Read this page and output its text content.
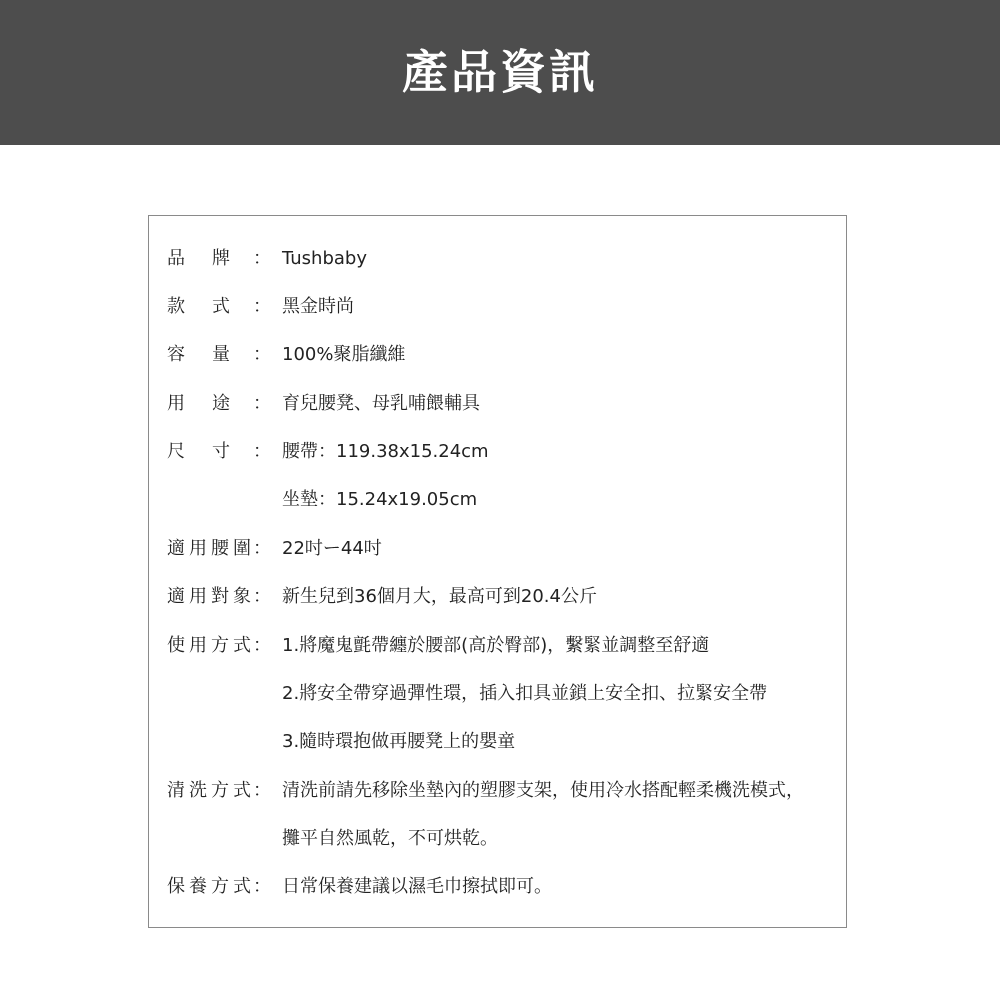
產品資訊
品 牌 ： Tushbaby
款 式 ： 黑金時尚
容 量 ： 100%聚脂纖維
用 途 ： 育兒腰凳、母乳哺餵輔具
尺 寸 ： 腰帶：119.38x15.24cm
坐墊：15.24x19.05cm
適用腰圍
： 22吋ー44吋
適用對象
： 新生兒到36個月大，最高可到20.4公斤
使用方式
： 1.將魔鬼氈帶纏於腰部(高於臀部)，繫緊並調整至舒適
2.將安全帶穿過彈性環，插入扣具並鎖上安全扣、拉緊安全帶
3.隨時環抱做再腰凳上的嬰童
清洗方式
： 清洗前請先移除坐墊內的塑膠支架，使用冷水搭配輕柔機洗模式，
攤平自然風乾，不可烘乾。
保養方式
： 日常保養建議以濕毛巾擦拭即可。
